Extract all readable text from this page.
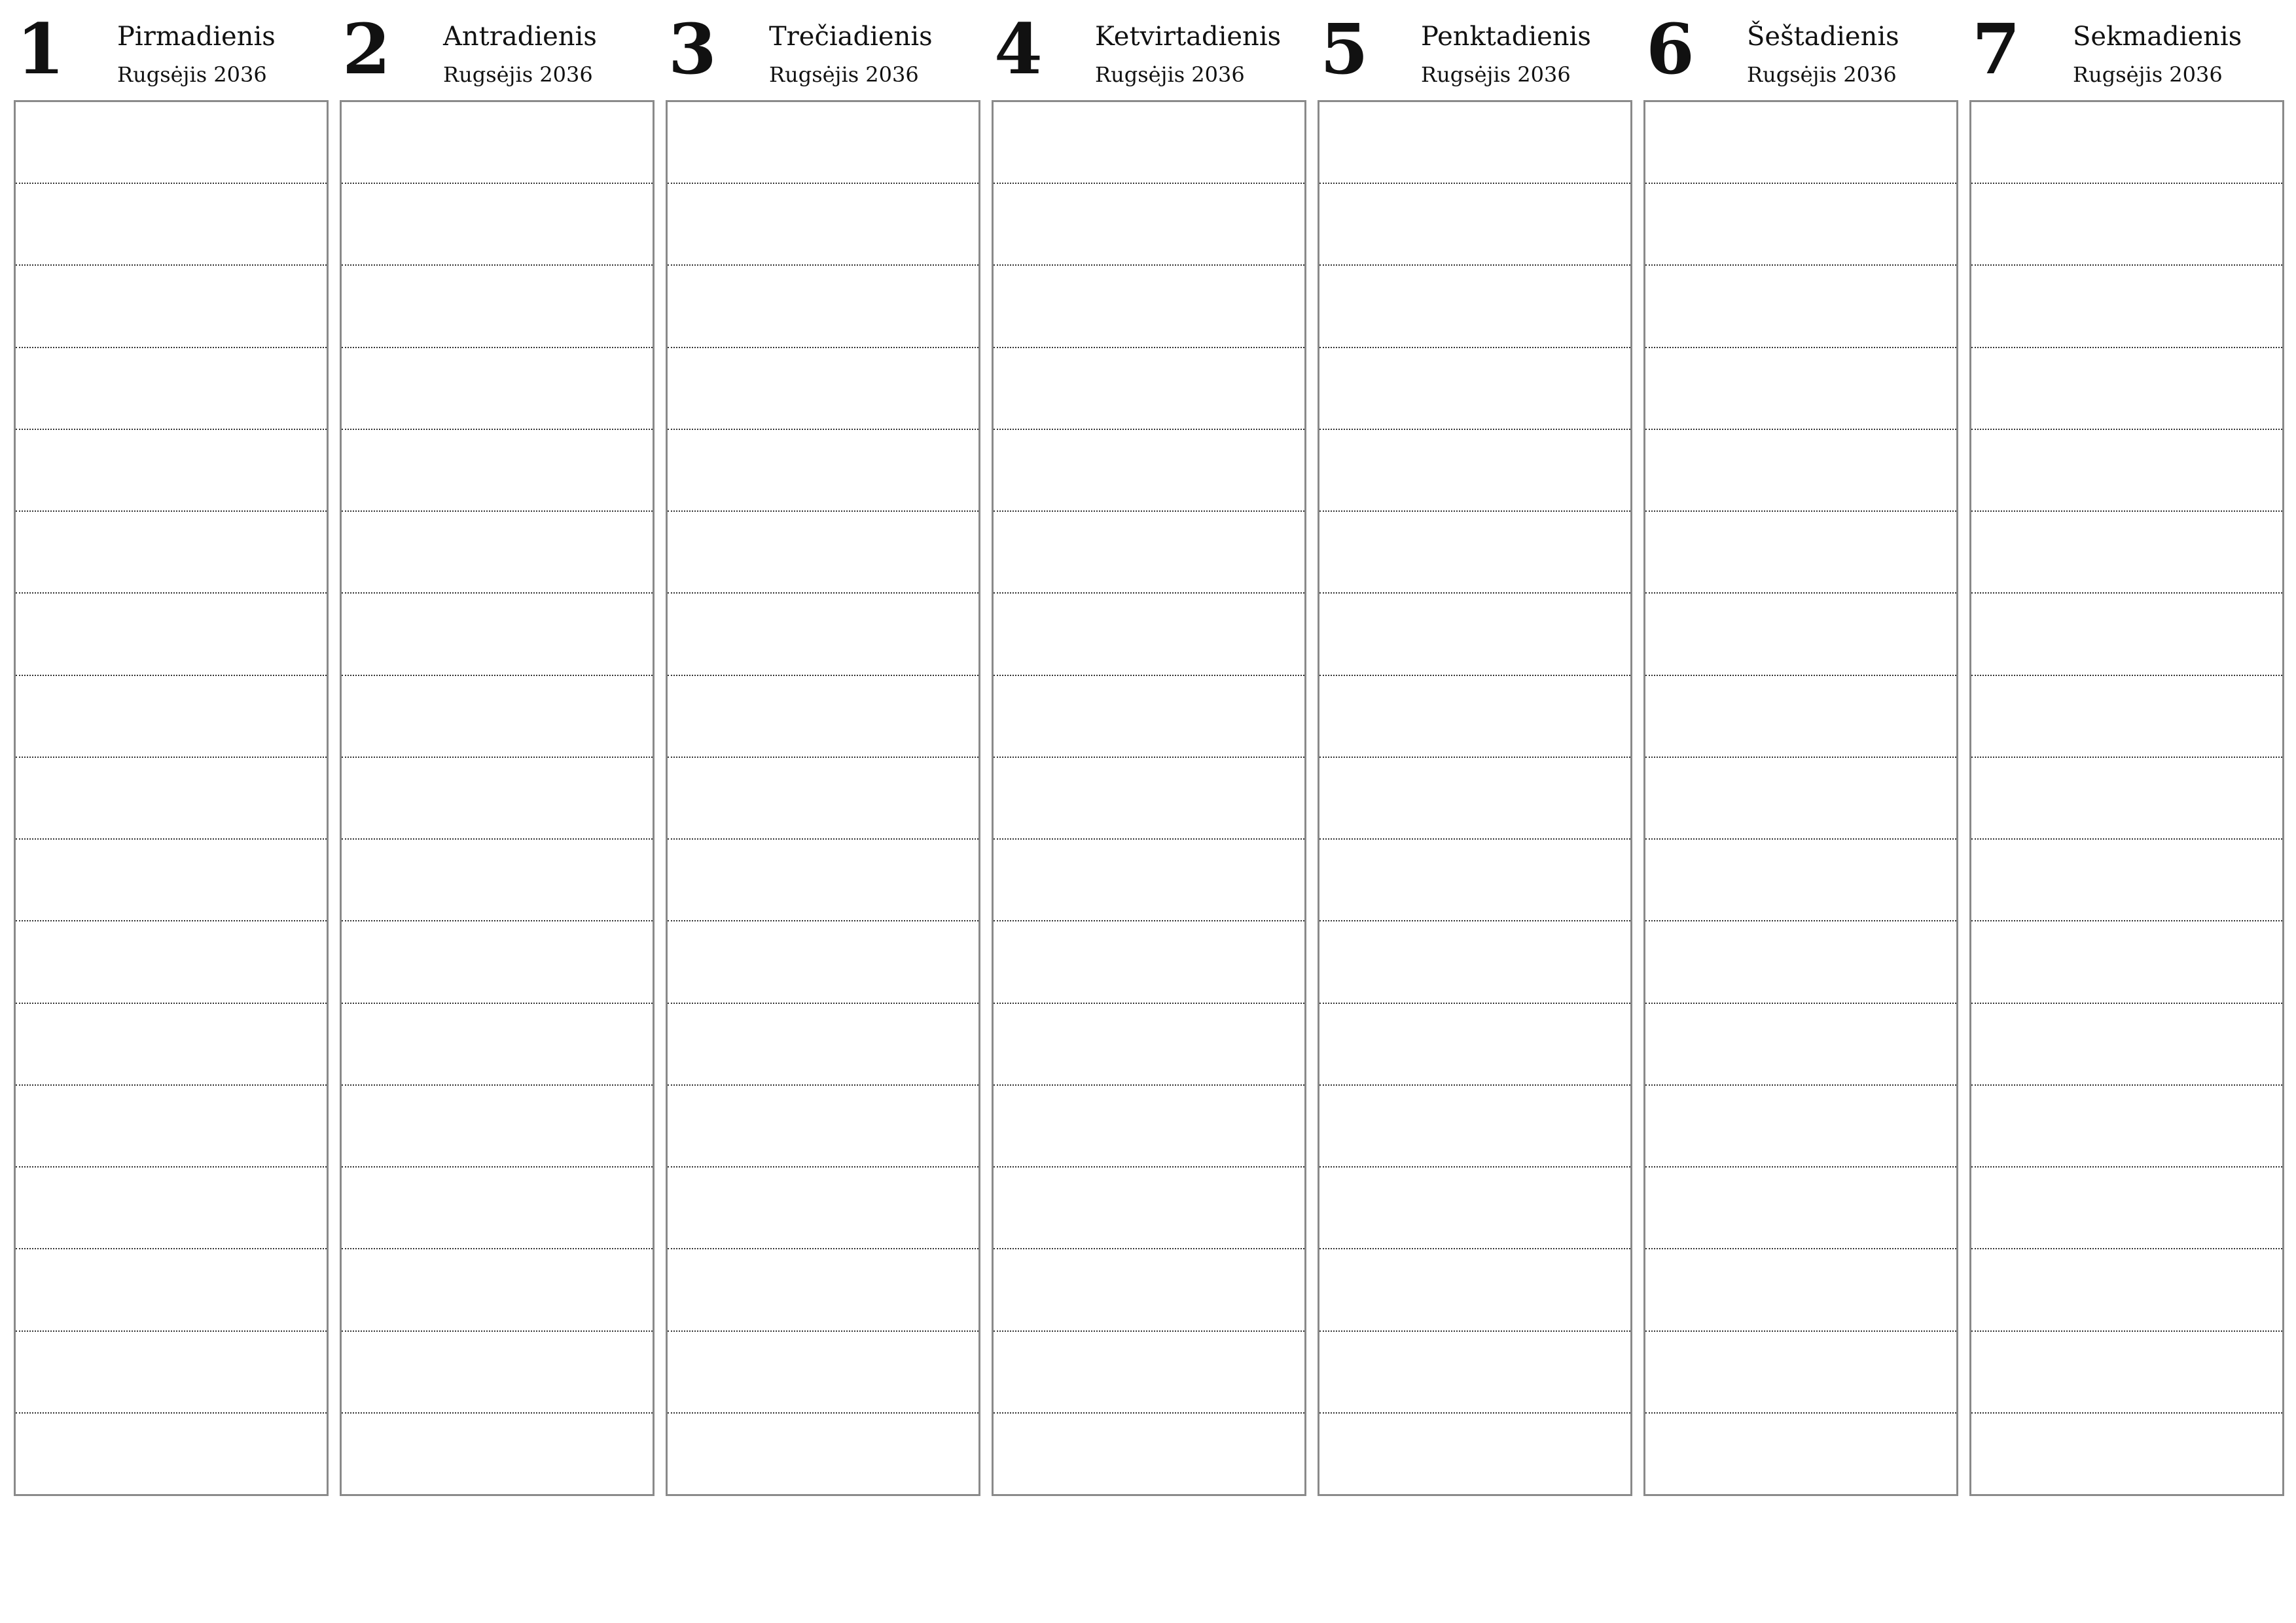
1 Pirmadienis
Rugsėjis 2036 2 Antradienis
Rugsėjis 2036 3 Trečiadienis
Rugsėjis 2036 4 Ketvirtadienis
Rugsėjis 2036 5 Penktadienis
Rugsėjis 2036 6 Šeštadienis
Rugsėjis 2036 7 Sekmadienis
Rugsėjis 2036
